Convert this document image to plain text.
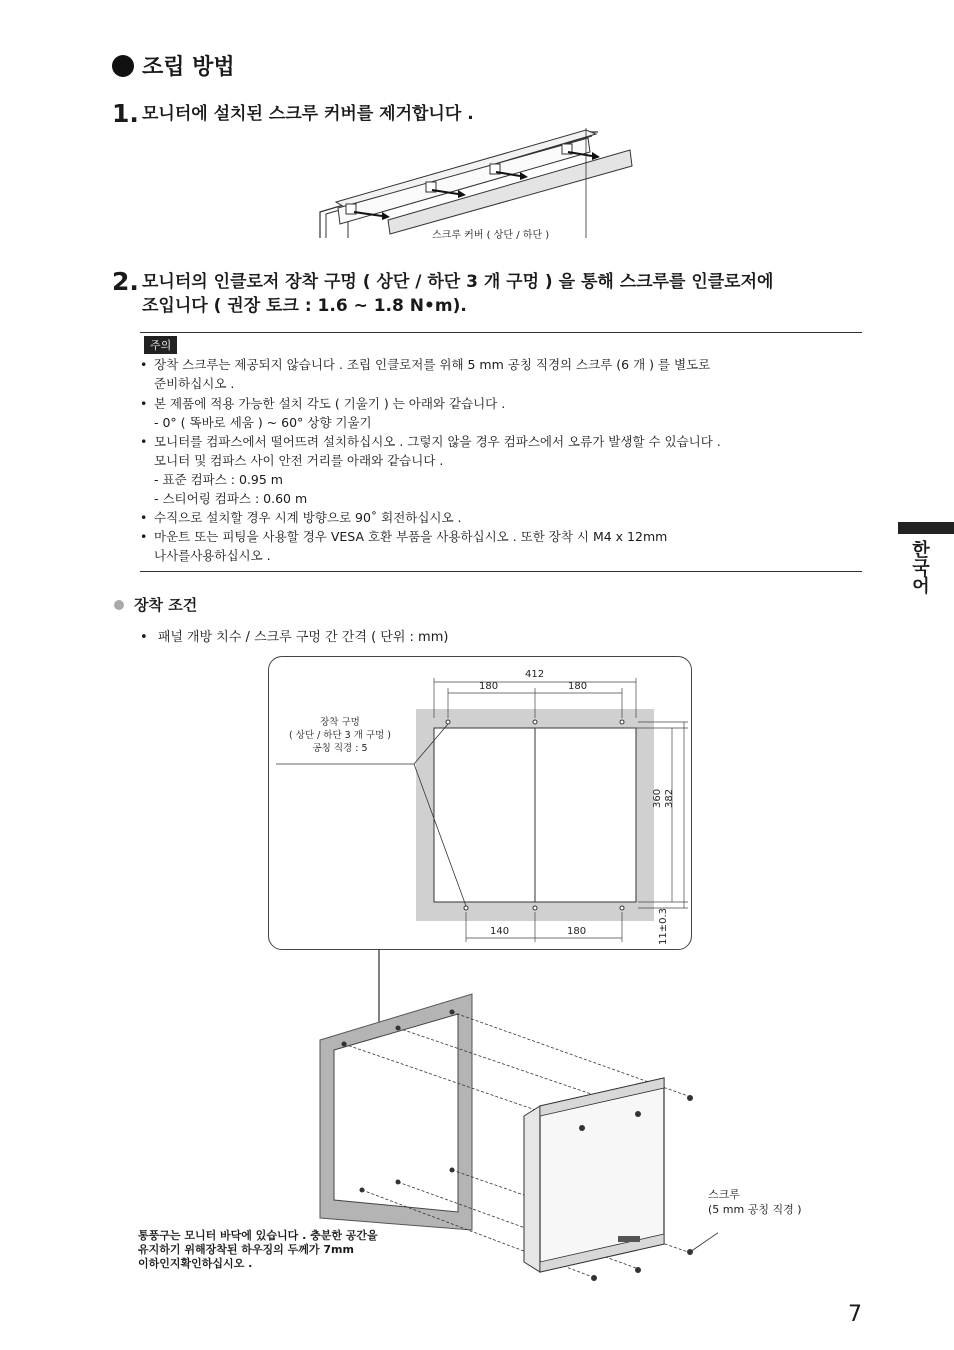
조립 방법
1. 모니터에 설치된 스크루 커버를 제거합니다 .
스크루 커버 ( 상단 / 하단 )
2. 모니터의 인클로저 장착 구멍 ( 상단 / 하단 3 개 구멍 ) 을 통해 스크루를 인클로저에
조입니다 ( 권장 토크 : 1.6 ~ 1.8 N•m).
주의
• 장착 스크루는 제공되지 않습니다 . 조립 인클로저를 위해 5 mm 공칭 직경의 스크루 (6 개 ) 를 별도로
준비하십시오 .
• 본 제품에 적용 가능한 설치 각도 ( 기울기 ) 는 아래와 같습니다 .
- 0° ( 똑바로 세움 ) ~ 60° 상향 기울기
• 모니터를 컴파스에서 떨어뜨려 설치하십시오 . 그렇지 않을 경우 컴파스에서 오류가 발생할 수 있습니다 .
모니터 및 컴파스 사이 안전 거리를 아래와 같습니다 .
- 표준 컴파스 : 0.95 m
- 스티어링 컴파스 : 0.60 m
• 수직으로 설치할 경우 시계 방향으로 90˚ 회전하십시오 .
• 마운트 또는 피팅을 사용할 경우 VESA 호환 부품을 사용하십시오 . 또한 장착 시 M4 x 12mm
나사를사용하십시오 .	한국어
장착 조건
• 패널 개방 치수 / 스크루 구멍 간 간격 ( 단위 : mm)
412
180	180
140	180
360 382
11±0.3
장착 구멍
( 상단 / 하단 3 개 구멍 )
공칭 직경 : 5
통풍구는 모니터 바닥에 있습니다 . 충분한 공간을
유지하기 위해장착된 하우징의 두께가 7mm
이하인지확인하십시오 .
스크루
(5 mm 공칭 직경 )
7
